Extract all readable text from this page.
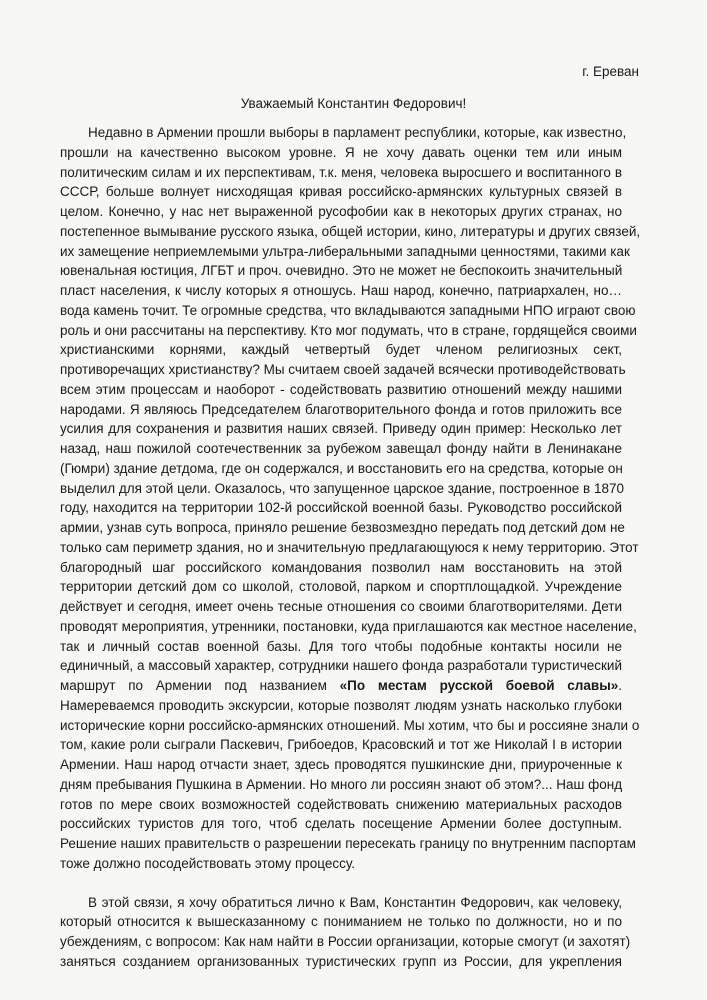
г. Ереван
Уважаемый Константин Федорович!
Недавно в Армении прошли выборы в парламент республики, которые, как известно,
прошли на качественно высоком уровне. Я не хочу давать оценки тем или иным
политическим силам и их перспективам, т.к. меня, человека выросшего и воспитанного в
СССР, больше волнует нисходящая кривая российско-армянских культурных связей в
целом. Конечно, у нас нет выраженной русофобии как в некоторых других странах, но
постепенное вымывание русского языка, общей истории, кино, литературы и других связей,
их замещение неприемлемыми ультра-либеральными западными ценностями, такими как
ювенальная юстиция, ЛГБТ и проч. очевидно. Это не может не беспокоить значительный
пласт населения, к числу которых я отношусь. Наш народ, конечно, патриархален, но…
вода камень точит. Те огромные средства, что вкладываются западными НПО играют свою
роль и они рассчитаны на перспективу. Кто мог подумать, что в стране, гордящейся своими
христианскими корнями, каждый четвертый будет членом религиозных сект,
противоречащих христианству? Мы считаем своей задачей всячески противодействовать
всем этим процессам и наоборот - содействовать развитию отношений между нашими
народами. Я являюсь Председателем благотворительного фонда и готов приложить все
усилия для сохранения и развития наших связей. Приведу один пример: Несколько лет
назад, наш пожилой соотечественник за рубежом завещал фонду найти в Ленинакане
(Гюмри) здание детдома, где он содержался, и восстановить его на средства, которые он
выделил для этой цели. Оказалось, что запущенное царское здание, построенное в 1870
году, находится на территории 102-й российской военной базы. Руководство российской
армии, узнав суть вопроса, приняло решение безвозмездно передать под детский дом не
только сам периметр здания, но и значительную предлагающуюся к нему территорию. Этот
благородный шаг российского командования позволил нам восстановить на этой
территории детский дом со школой, столовой, парком и спортплощадкой. Учреждение
действует и сегодня, имеет очень тесные отношения со своими благотворителями. Дети
проводят мероприятия, утренники, постановки, куда приглашаются как местное население,
так и личный состав военной базы. Для того чтобы подобные контакты носили не
единичный, а массовый характер, сотрудники нашего фонда разработали туристический
маршрут по Армении под названием «По местам русской боевой славы».
Намереваемся проводить экскурсии, которые позволят людям узнать насколько глубоки
исторические корни российско-армянских отношений. Мы хотим, что бы и россияне знали о
том, какие роли сыграли Паскевич, Грибоедов, Красовский и тот же Николай I в истории
Армении. Наш народ отчасти знает, здесь проводятся пушкинские дни, приуроченные к
дням пребывания Пушкина в Армении. Но много ли россиян знают об этом?... Наш фонд
готов по мере своих возможностей содействовать снижению материальных расходов
российских туристов для того, чтоб сделать посещение Армении более доступным.
Решение наших правительств о разрешении пересекать границу по внутренним паспортам
тоже должно посодействовать этому процессу.
В этой связи, я хочу обратиться лично к Вам, Константин Федорович, как человеку,
который относится к вышесказанному с пониманием не только по должности, но и по
убеждениям, с вопросом: Как нам найти в России организации, которые смогут (и захотят)
заняться созданием организованных туристических групп из России, для укрепления
